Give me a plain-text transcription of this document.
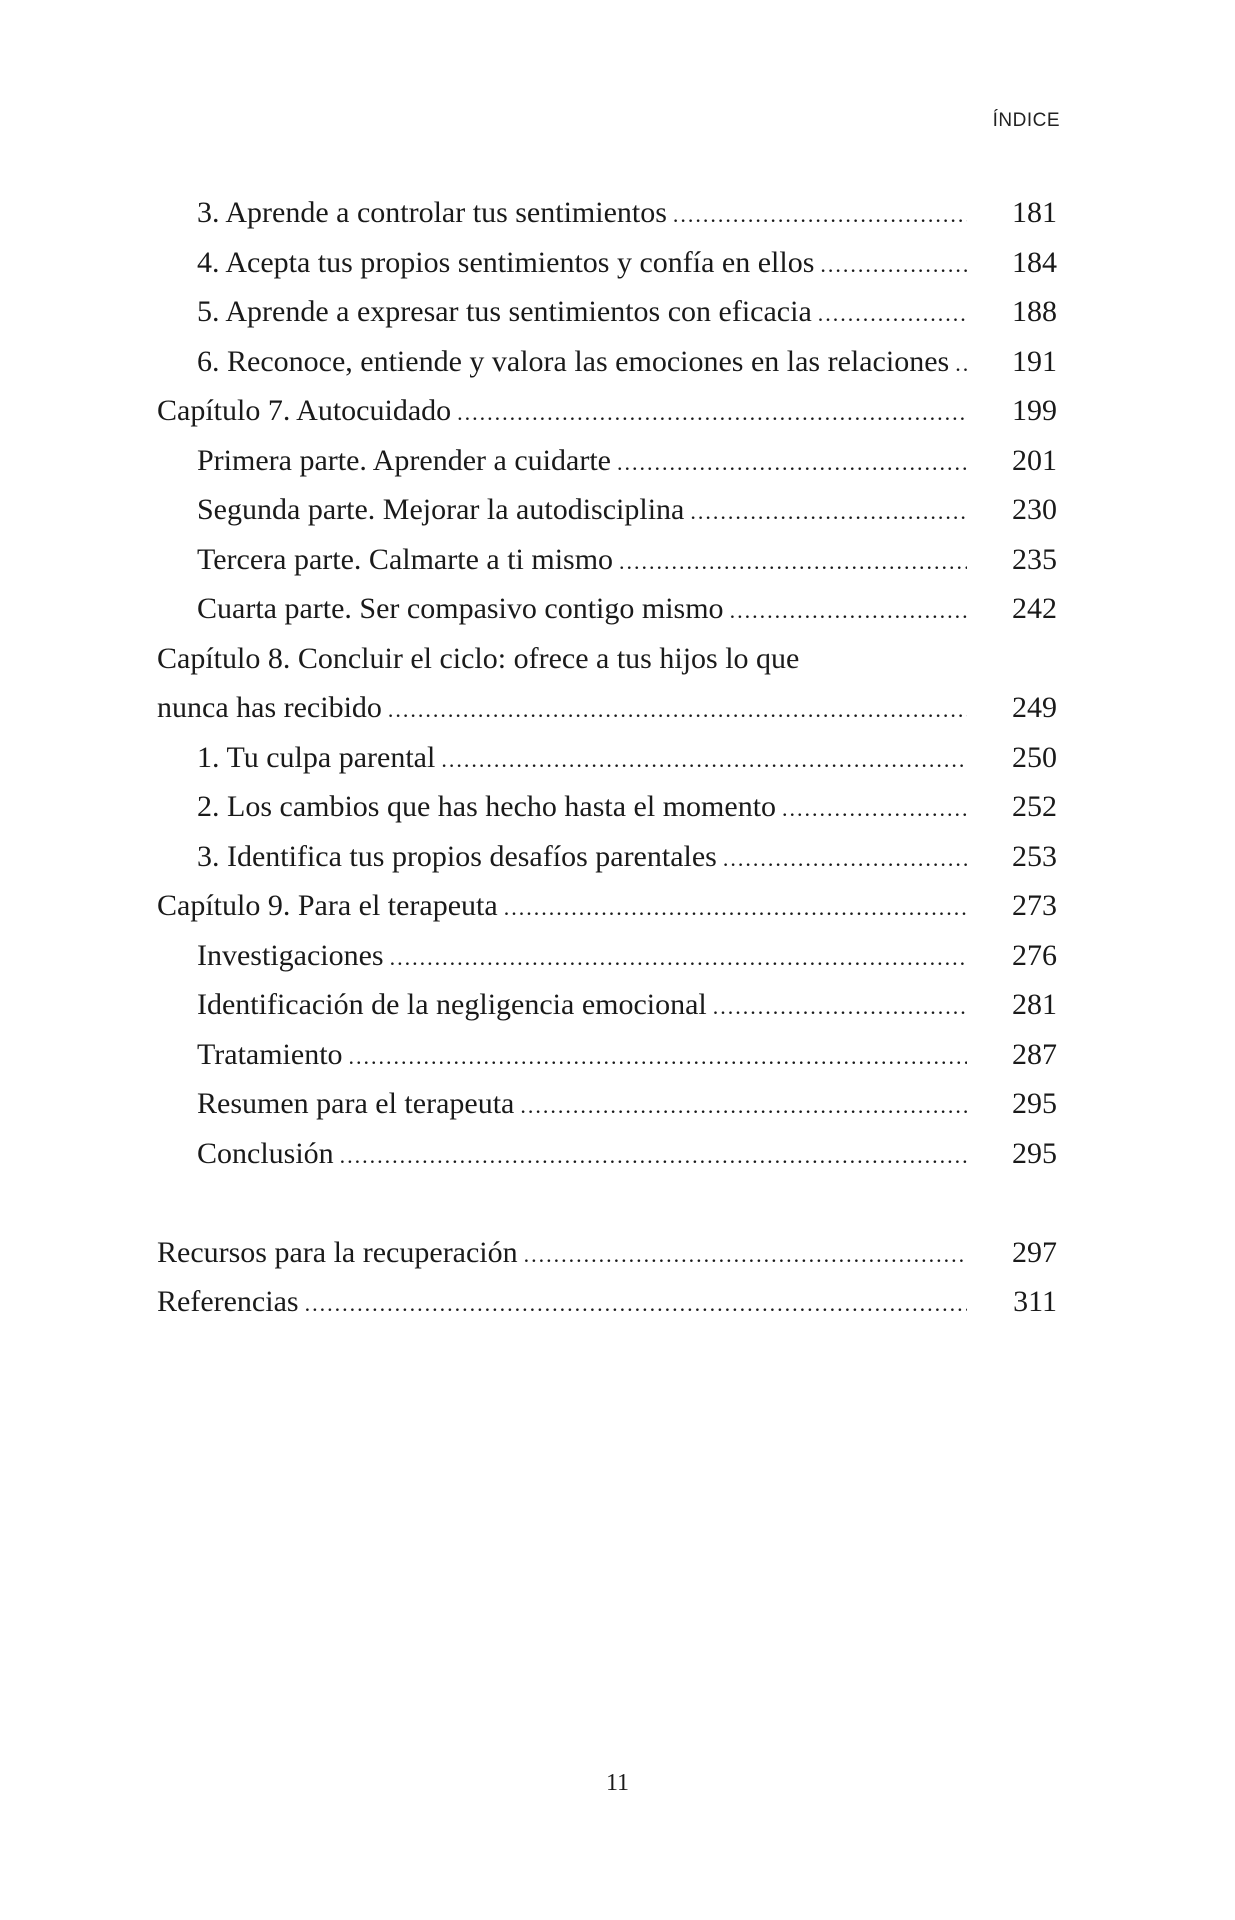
ÍNDICE
3. Aprende a controlar tus sentimientos .....	181
4. Acepta tus propios sentimientos y confía en ellos .....	184
5. Aprende a expresar tus sentimientos con eficacia .....	188
6. Reconoce, entiende y valora las emociones en las relaciones .....	191
Capítulo 7. Autocuidado .....	199
Primera parte. Aprender a cuidarte .....	201
Segunda parte. Mejorar la autodisciplina .....	230
Tercera parte. Calmarte a ti mismo .....	235
Cuarta parte. Ser compasivo contigo mismo .....	242
Capítulo 8. Concluir el ciclo: ofrece a tus hijos lo que
nunca has recibido .....	249
1. Tu culpa parental .....	250
2. Los cambios que has hecho hasta el momento .....	252
3. Identifica tus propios desafíos parentales .....	253
Capítulo 9. Para el terapeuta .....	273
Investigaciones .....	276
Identificación de la negligencia emocional .....	281
Tratamiento .....	287
Resumen para el terapeuta .....	295
Conclusión .....	295
Recursos para la recuperación .....	297
Referencias .....	311
11
